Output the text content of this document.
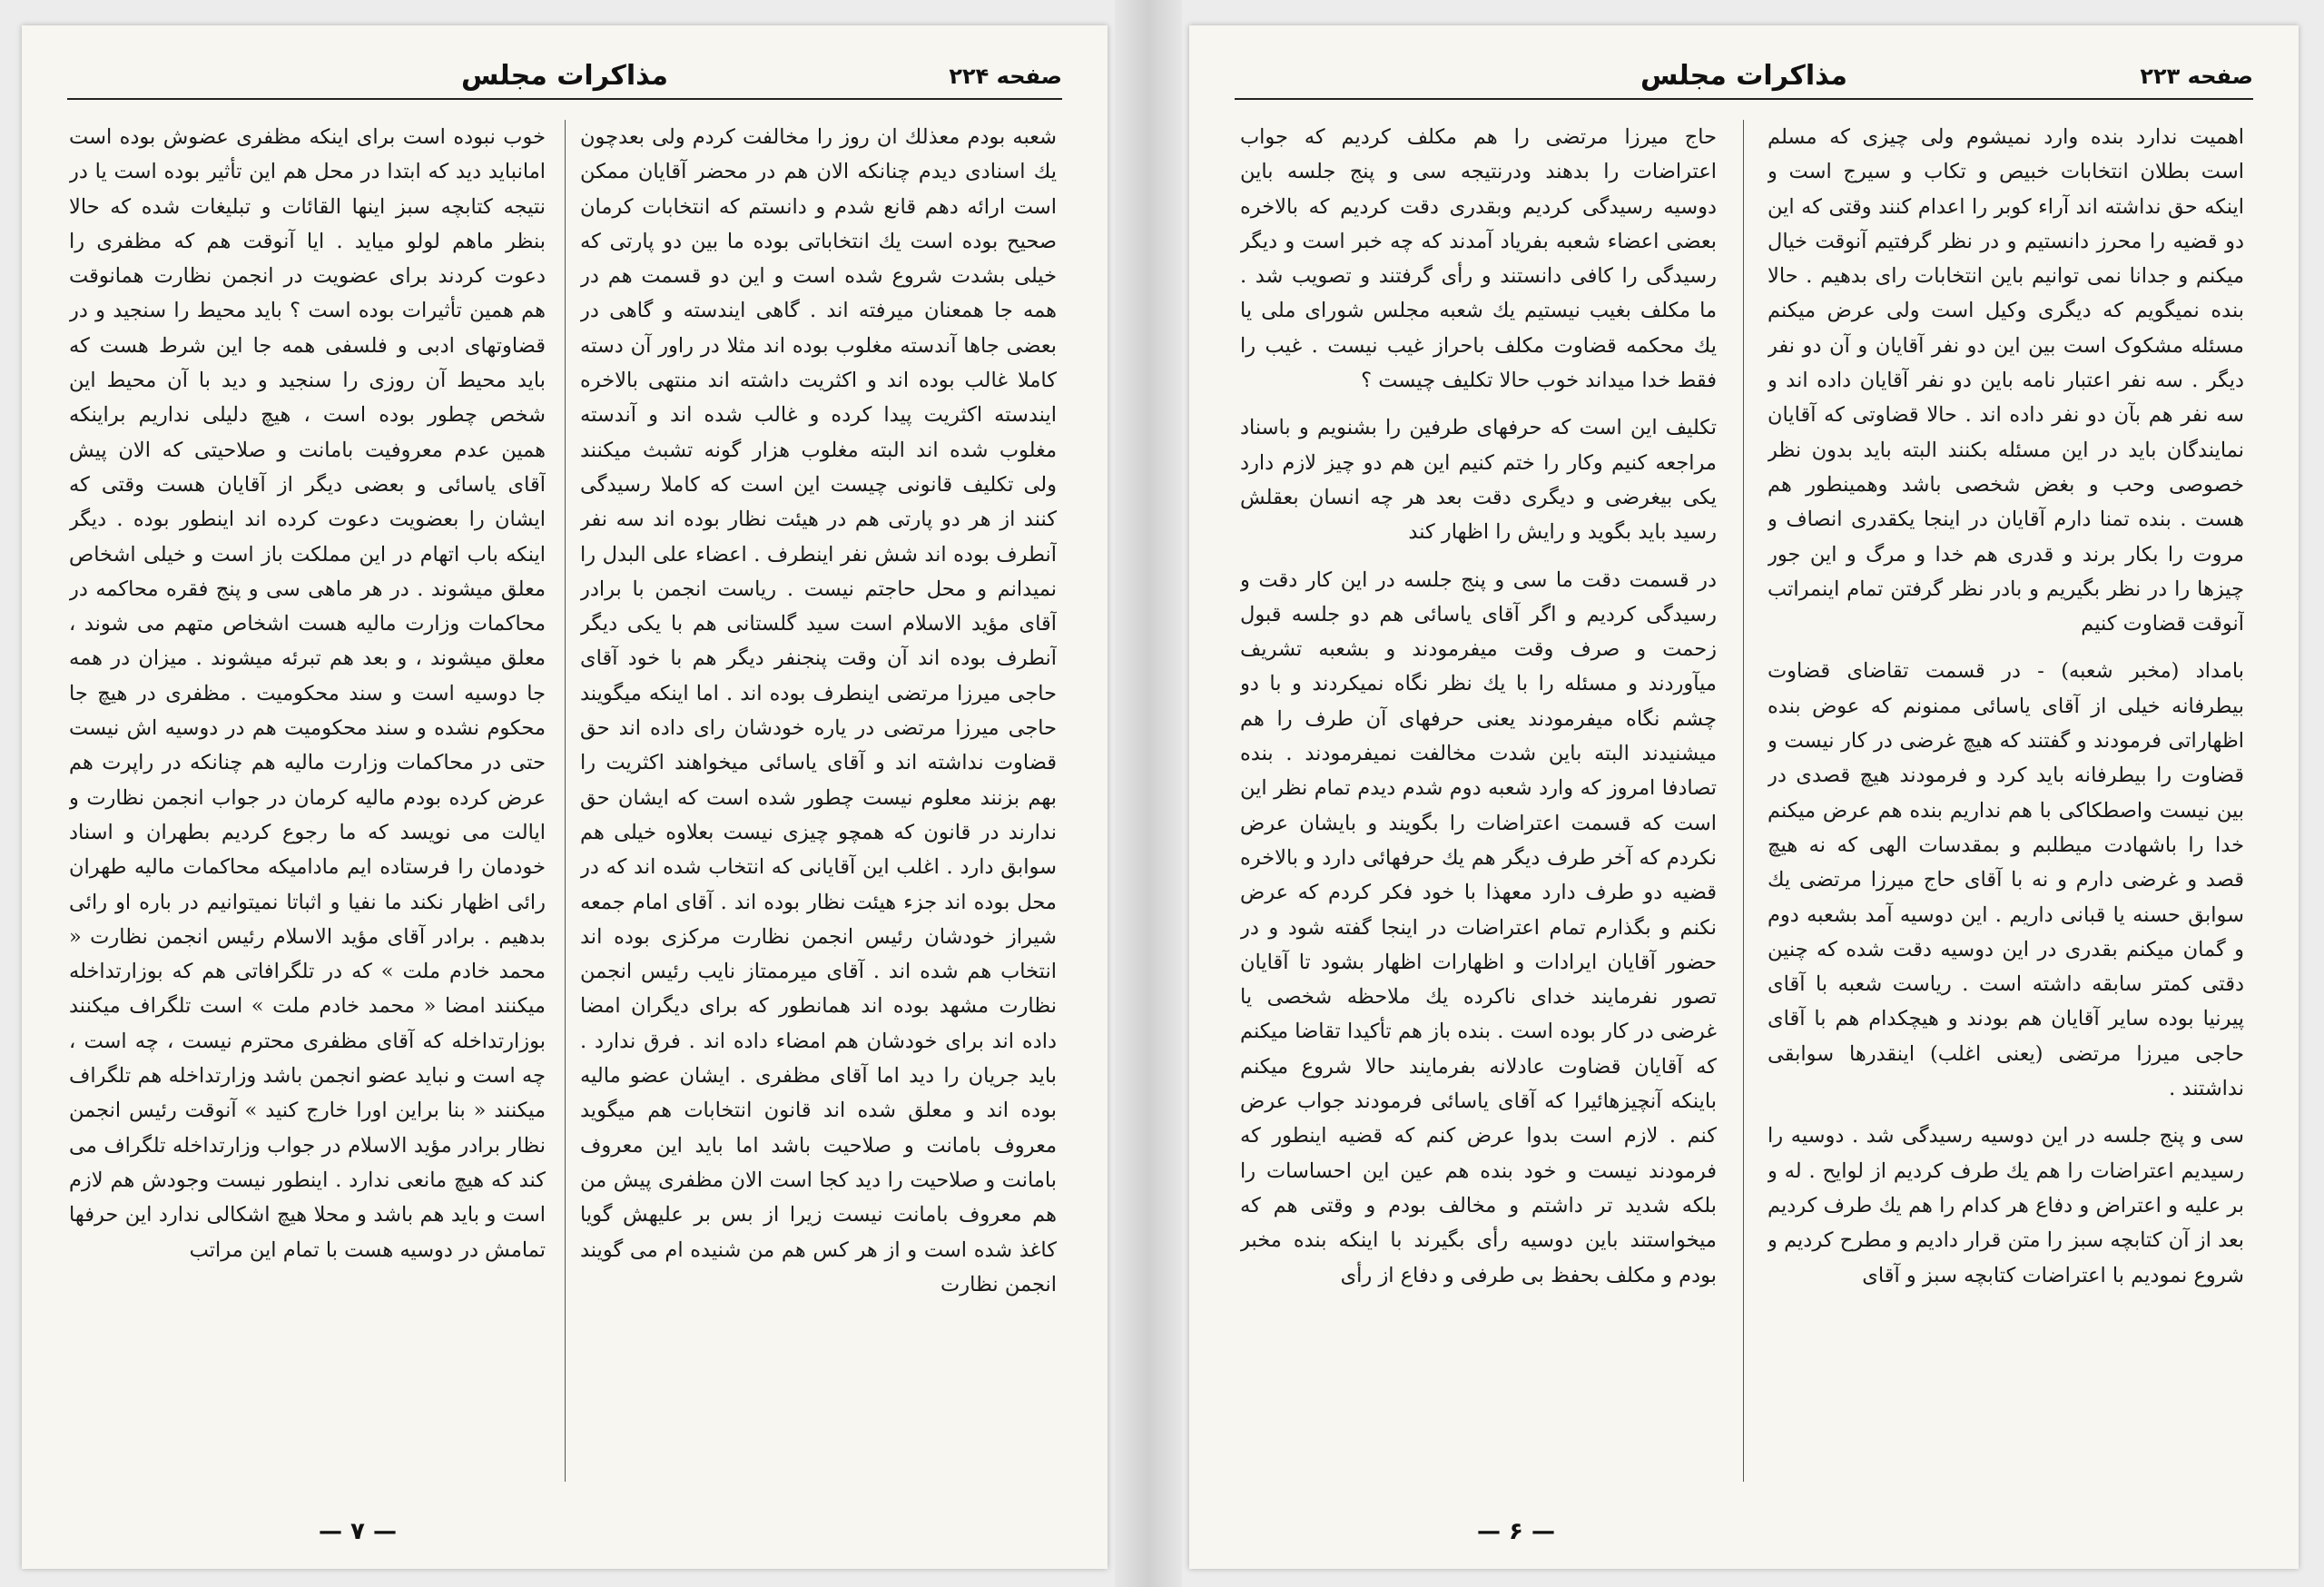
صفحه ۲۲۴
مذاکرات مجلس

شعبه بودم معذلك ان روز را مخالفت کردم ولی بعدچون یك اسنادی دیدم چنانکه الان هم در محضر آقایان ممکن است ارائه دهم قانع شدم و دانستم که انتخابات کرمان صحیح بوده است یك انتخاباتی بوده ما بین دو پارتی که خیلی بشدت شروع شده است و این دو قسمت هم در همه جا همعنان میرفته اند . گاهی ایندسته و گاهی در بعضی جاها آندسته مغلوب بوده اند مثلا در راور آن دسته کاملا غالب بوده اند و اکثریت داشته اند منتهی بالاخره ایندسته اکثریت پیدا کرده و غالب شده اند و آندسته مغلوب شده اند البته مغلوب هزار گونه تشبث میکنند ولی تکلیف قانونی چیست این است که کاملا رسیدگی کنند از هر دو پارتی هم در هیئت نظار بوده اند سه نفر آنطرف بوده اند شش نفر اینطرف . اعضاء علی البدل را نمیدانم و محل حاجتم نیست . ریاست انجمن با برادر آقای مؤید الاسلام است سید گلستانی هم با یکی دیگر آنطرف بوده اند آن وقت پنجنفر دیگر هم با خود آقای حاجی میرزا مرتضی اینطرف بوده اند . اما اینکه میگویند حاجی میرزا مرتضی در یاره خودشان رای داده اند حق قضاوت نداشته اند و آقای یاسائی میخواهند اکثریت را بهم بزنند معلوم نیست چطور شده است که ایشان حق ندارند در قانون که همچو چیزی نیست بعلاوه خیلی هم سوابق دارد . اغلب این آقایانی که انتخاب شده اند که در محل بوده اند جزء هیئت نظار بوده اند . آقای امام جمعه شیراز خودشان رئیس انجمن نظارت مرکزی بوده اند انتخاب هم شده اند . آقای میرممتاز نایب رئیس انجمن نظارت مشهد بوده اند همانطور که برای دیگران امضا داده اند برای خودشان هم امضاء داده اند . فرق ندارد . باید جریان را دید اما آقای مظفری . ایشان عضو مالیه بوده اند و معلق شده اند قانون انتخابات هم میگوید معروف بامانت و صلاحیت باشد اما باید این معروف بامانت و صلاحیت را دید کجا است الان مظفری پیش من هم معروف بامانت نیست زیرا از بس بر علیهش گویا کاغذ شده است و از هر کس هم من شنیده ام می گویند انجمن نظارت

خوب نبوده است برای اینکه مظفری عضوش بوده است امانباید دید که ابتدا در محل هم این تأثیر بوده است یا در نتیجه کتابچه سبز اینها القائات و تبلیغات شده که حالا بنظر ماهم لولو میاید . ایا آنوقت هم که مظفری را دعوت کردند برای عضویت در انجمن نظارت همانوقت هم همین تأثیرات بوده است ؟ باید محیط را سنجید و در قضاوتهای ادبی و فلسفی همه جا این شرط هست که باید محیط آن روزی را سنجید و دید با آن محیط این شخص چطور بوده است ، هیچ دلیلی نداریم براینکه همین عدم معروفیت بامانت و صلاحیتی که الان پیش آقای یاسائی و بعضی دیگر از آقایان هست وقتی که ایشان را بعضویت دعوت کرده اند اینطور بوده . دیگر اینکه باب اتهام در این مملکت باز است و خیلی اشخاص معلق میشوند . در هر ماهی سی و پنج فقره محاکمه در محاکمات وزارت مالیه هست اشخاص متهم می شوند ، معلق میشوند ، و بعد هم تبرئه میشوند . میزان در همه جا دوسیه است و سند محکومیت . مظفری در هیچ جا محکوم نشده و سند محکومیت هم در دوسیه اش نیست حتی در محاکمات وزارت مالیه هم چنانکه در راپرت هم عرض کرده بودم مالیه کرمان در جواب انجمن نظارت و ایالت می نویسد که ما رجوع کردیم بطهران و اسناد خودمان را فرستاده ایم مادامیکه محاکمات مالیه طهران رائی اظهار نکند ما نفیا و اثباتا نمیتوانیم در باره او رائی بدهیم . برادر آقای مؤید الاسلام رئیس انجمن نظارت « محمد خادم ملت » که در تلگرافاتی هم که بوزارتداخله میکنند امضا « محمد خادم ملت » است تلگراف میکنند بوزارتداخله که آقای مظفری محترم نیست ، چه است ، چه است و نباید عضو انجمن باشد وزارتداخله هم تلگراف میکنند « بنا براین اورا خارج کنید » آنوقت رئیس انجمن نظار برادر مؤید الاسلام در جواب وزارتداخله تلگراف می کند که هیچ مانعی ندارد . اینطور نیست وجودش هم لازم است و باید هم باشد و محلا هیچ اشکالی ندارد این حرفها تمامش در دوسیه هست با تمام این مراتب

— ۷ —
صفحه ۲۲۳
مذاکرات مجلس

اهمیت ندارد بنده وارد نمیشوم ولی چیزی که مسلم است بطلان انتخابات خبیص و تکاب و سیرج است و اینکه حق نداشته اند آراء کوبر را اعدام کنند وقتی که این دو قضیه را محرز دانستیم و در نظر گرفتیم آنوقت خیال میکنم و جدانا نمی توانیم باین انتخابات رای بدهیم . حالا بنده نمیگویم که دیگری وکیل است ولی عرض میکنم مسئله مشکوک است بین این دو نفر آقایان و آن دو نفر دیگر . سه نفر اعتبار نامه باین دو نفر آقایان داده اند و سه نفر هم بآن دو نفر داده اند . حالا قضاوتی که آقایان نمایندگان باید در این مسئله بکنند البته باید بدون نظر خصوصی وحب و بغض شخصی باشد وهمینطور هم هست . بنده تمنا دارم آقایان در اینجا یکقدری انصاف و مروت را بکار برند و قدری هم خدا و مرگ و این جور چیزها را در نظر بگیریم و بادر نظر گرفتن تمام اینمراتب آنوقت قضاوت کنیم

بامداد (مخبر شعبه) - در قسمت تقاضای قضاوت بیطرفانه خیلی از آقای یاسائی ممنونم که عوض بنده اظهاراتی فرمودند و گفتند که هیچ غرضی در کار نیست و قضاوت را بیطرفانه باید کرد و فرمودند هیچ قصدی در بین نیست واصطکاکی با هم نداریم بنده هم عرض میکنم خدا را باشهادت میطلبم و بمقدسات الهی که نه هیچ قصد و غرضی دارم و نه با آقای حاج میرزا مرتضی یك سوابق حسنه یا قبانی داریم . این دوسیه آمد بشعبه دوم و گمان میکنم بقدری در این دوسیه دقت شده که چنین دقتی کمتر سابقه داشته است . ریاست شعبه با آقای پیرنیا بوده سایر آقایان هم بودند و هیچکدام هم با آقای حاجی میرزا مرتضی (یعنی اغلب) اینقدرها سوابقی نداشتند .

سی و پنج جلسه در این دوسیه رسیدگی شد . دوسیه را رسیدیم اعتراضات را هم یك طرف کردیم از لوایح . له و بر علیه و اعتراض و دفاع هر کدام را هم یك طرف کردیم بعد از آن کتابچه سبز را متن قرار دادیم و مطرح کردیم و شروع نمودیم با اعتراضات کتابچه سبز و آقای

حاج میرزا مرتضی را هم مکلف کردیم که جواب اعتراضات را بدهند ودرنتیجه سی و پنج جلسه باین دوسیه رسیدگی کردیم وبقدری دقت کردیم که بالاخره بعضی اعضاء شعبه بفریاد آمدند که چه خبر است و دیگر رسیدگی را کافی دانستند و رأی گرفتند و تصویب شد . ما مکلف بغیب نیستیم یك شعبه مجلس شورای ملی یا یك محکمه قضاوت مکلف باحراز غیب نیست . غیب را فقط خدا میداند خوب حالا تکلیف چیست ؟

تکلیف این است که حرفهای طرفین را بشنویم و باسناد مراجعه کنیم وکار را ختم کنیم این هم دو چیز لازم دارد یکی بیغرضی و دیگری دقت بعد هر چه انسان بعقلش رسید باید بگوید و رایش را اظهار کند

در قسمت دقت ما سی و پنج جلسه در این کار دقت و رسیدگی کردیم و اگر آقای یاسائی هم دو جلسه قبول زحمت و صرف وقت میفرمودند و بشعبه تشریف میآوردند و مسئله را با یك نظر نگاه نمیکردند و با دو چشم نگاه میفرمودند یعنی حرفهای آن طرف را هم میشنیدند البته باین شدت مخالفت نمیفرمودند . بنده تصادفا امروز که وارد شعبه دوم شدم دیدم تمام نظر این است که قسمت اعتراضات را بگویند و بایشان عرض نکردم که آخر طرف دیگر هم یك حرفهائی دارد و بالاخره قضیه دو طرف دارد معهذا با خود فکر کردم که عرض نکنم و بگذارم تمام اعتراضات در اینجا گفته شود و در حضور آقایان ایرادات و اظهارات اظهار بشود تا آقایان تصور نفرمایند خدای ناکرده یك ملاحظه شخصی یا غرضی در کار بوده است . بنده باز هم تأکیدا تقاضا میکنم که آقایان قضاوت عادلانه بفرمایند حالا شروع میکنم باینکه آنچیزهائیرا که آقای یاسائی فرمودند جواب عرض کنم . لازم است بدوا عرض کنم که قضیه اینطور که فرمودند نیست و خود بنده هم عین این احساسات را بلکه شدید تر داشتم و مخالف بودم و وقتی هم که میخواستند باین دوسیه رأی بگیرند با اینکه بنده مخبر بودم و مکلف بحفظ بی طرفی و دفاع از رأی

— ۶ —
